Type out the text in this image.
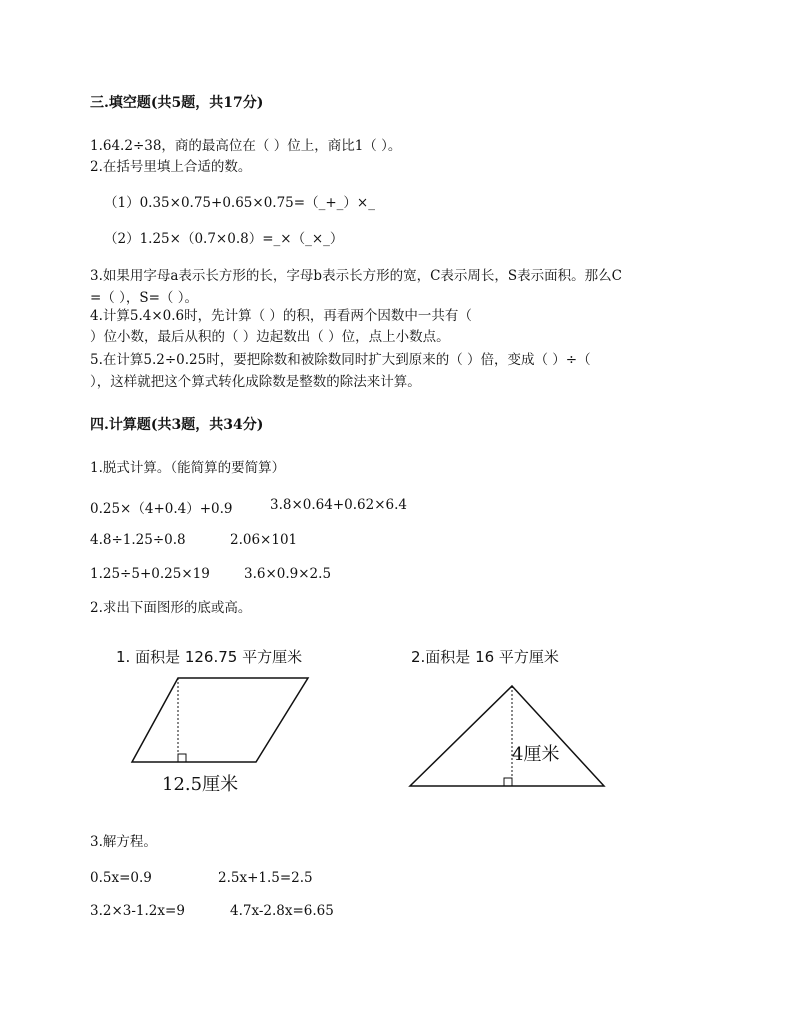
三.填空题(共5题，共17分)
1.64.2÷38，商的最高位在（ ）位上，商比1（ ）。
2.在括号里填上合适的数。
（1）0.35×0.75+0.65×0.75=（_+_）×_
（2）1.25×（0.7×0.8）=_×（_×_）
3.如果用字母a表示长方形的长，字母b表示长方形的宽，C表示周长，S表示面积。那么C
=（ ），S=（ ）。
4.计算5.4×0.6时，先计算（ ）的积，再看两个因数中一共有（
）位小数，最后从积的（ ）边起数出（ ）位，点上小数点。
5.在计算5.2÷0.25时，要把除数和被除数同时扩大到原来的（ ）倍，变成（ ）÷（
），这样就把这个算式转化成除数是整数的除法来计算。
四.计算题(共3题，共34分)
1.脱式计算。（能简算的要简算）
0.25×（4+0.4）+0.9	3.8×0.64+0.62×6.4
4.8÷1.25÷0.8	2.06×101
1.25÷5+0.25×19	3.6×0.9×2.5
2.求出下面图形的底或高。
1. 面积是 126.75 平方厘米	2.面积是 16 平方厘米
12.5厘米
4厘米
3.解方程。
0.5x=0.9	2.5x+1.5=2.5
3.2×3-1.2x=9	4.7x-2.8x=6.65
